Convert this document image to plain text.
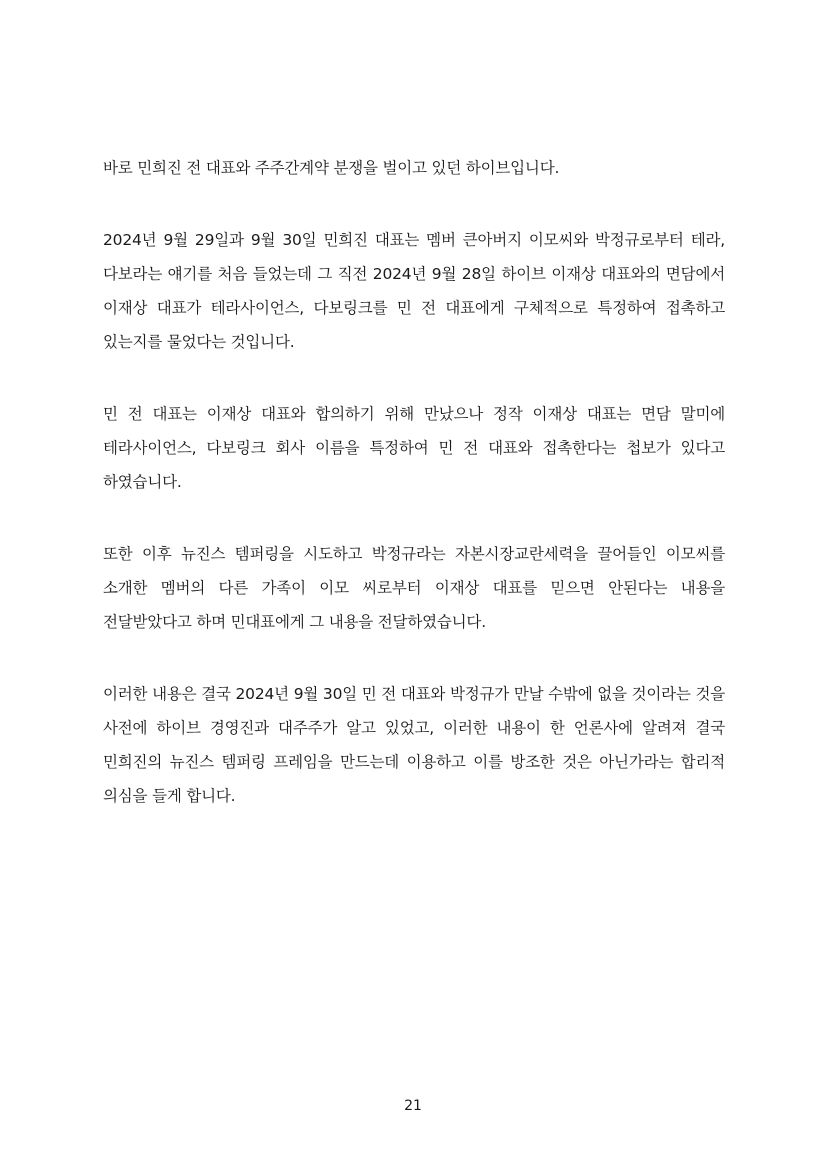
바로 민희진 전 대표와 주주간계약 분쟁을 벌이고 있던 하이브입니다.

2024년 9월 29일과 9월 30일 민희진 대표는 멤버 큰아버지 이모씨와 박정규로부터 테라, 다보라는 얘기를 처음 들었는데 그 직전 2024년 9월 28일 하이브 이재상 대표와의 면담에서 이재상 대표가 테라사이언스, 다보링크를 민 전 대표에게 구체적으로 특정하여 접촉하고 있는지를 물었다는 것입니다.

민 전 대표는 이재상 대표와 합의하기 위해 만났으나 정작 이재상 대표는 면담 말미에 테라사이언스, 다보링크 회사 이름을 특정하여 민 전 대표와 접촉한다는 첩보가 있다고 하였습니다.

또한 이후 뉴진스 템퍼링을 시도하고 박정규라는 자본시장교란세력을 끌어들인 이모씨를 소개한 멤버의 다른 가족이 이모 씨로부터 이재상 대표를 믿으면 안된다는 내용을 전달받았다고 하며 민대표에게 그 내용을 전달하였습니다.

이러한 내용은 결국 2024년 9월 30일 민 전 대표와 박정규가 만날 수밖에 없을 것이라는 것을 사전에 하이브 경영진과 대주주가 알고 있었고, 이러한 내용이 한 언론사에 알려져 결국 민희진의 뉴진스 템퍼링 프레임을 만드는데 이용하고 이를 방조한 것은 아닌가라는 합리적 의심을 들게 합니다.

21
